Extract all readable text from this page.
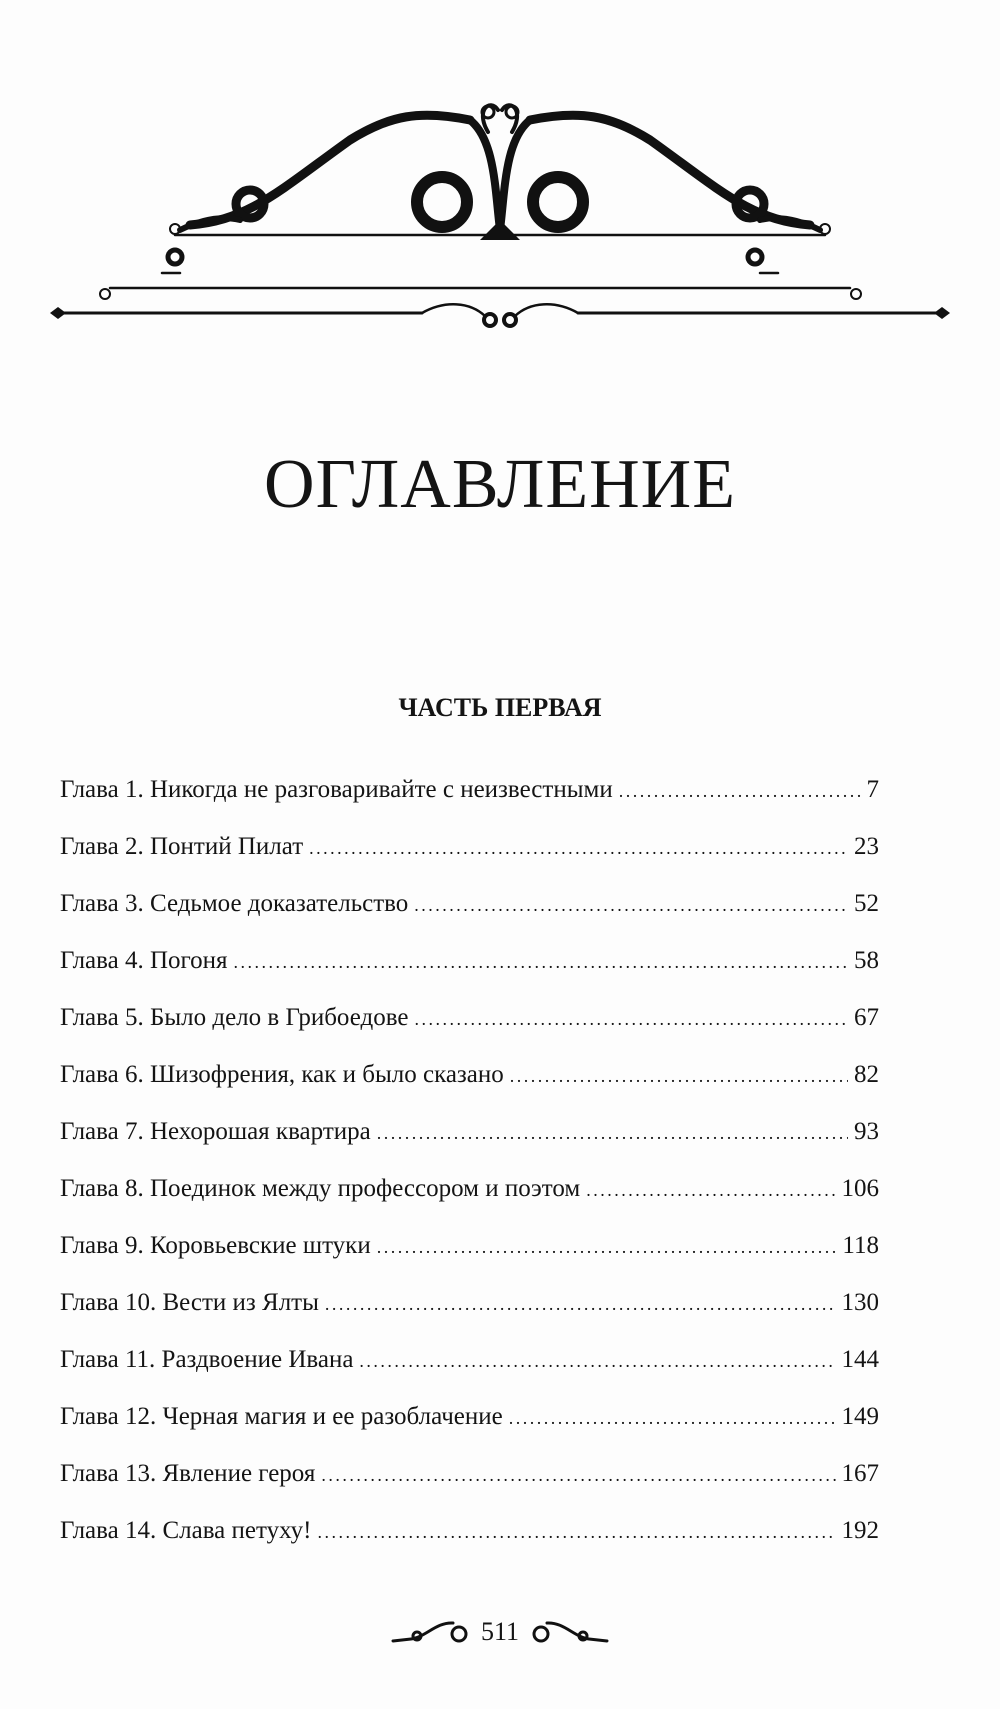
ОГЛАВЛЕНИЕ
ЧАСТЬ ПЕРВАЯ
Глава 1. Никогда не разговаривайте с неизвестными . . .	7
Глава 2. Понтий Пилат . . .	23
Глава 3. Седьмое доказательство . . .	52
Глава 4. Погоня . . .	58
Глава 5. Было дело в Грибоедове . . .	67
Глава 6. Шизофрения, как и было сказано . . .	82
Глава 7. Нехорошая квартира . . .	93
Глава 8. Поединок между профессором и поэтом . . .	106
Глава 9. Коровьевские штуки . . .	118
Глава 10. Вести из Ялты . . .	130
Глава 11. Раздвоение Ивана . . .	144
Глава 12. Черная магия и ее разоблачение . . .	149
Глава 13. Явление героя . . .	167
Глава 14. Слава петуху! . . .	192
511
